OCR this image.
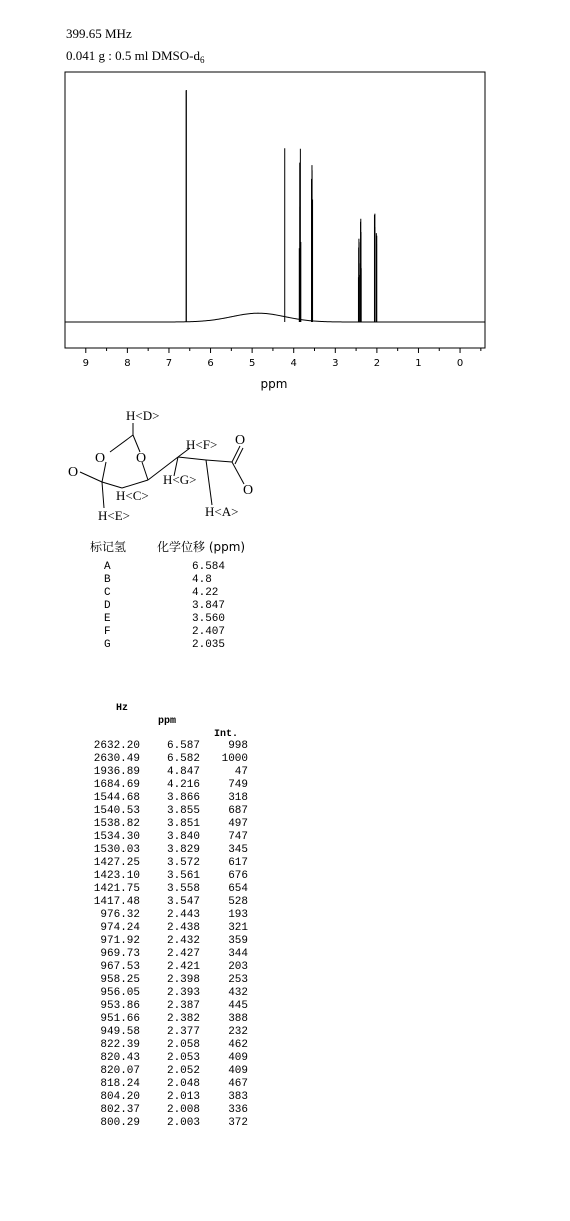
399.65 MHz
0.041 g : 0.5 ml DMSO-$d_6$
9	8	7	6	5	4	3	2	1	0
ppm
H<D>
H<F> O
O O
O
O
H<G>
H<C>
H<E>	H<A>
标记氢	化学位移 (ppm)
A	6.584
B	4.8
C	4.22
D	3.847
E	3.560
F	2.407
G	2.035

Hz

ppm

Int.

2632.20 6.587	998
2630.49 6.582 1000
1936.89 4.847	47
1684.69 4.216	749
1544.68 3.866	318
1540.53 3.855	687
1538.82 3.851	497
1534.30 3.840	747
1530.03 3.829	345
1427.25 3.572	617
1423.10 3.561	676
1421.75 3.558	654
1417.48 3.547	528
976.32 2.443	193
974.24 2.438	321
971.92 2.432	359
969.73 2.427	344
967.53 2.421	203
958.25 2.398	253
956.05 2.393	432
953.86 2.387	445
951.66 2.382	388
949.58 2.377	232
822.39 2.058	462
820.43 2.053	409
820.07 2.052	409
818.24 2.048	467
804.20 2.013	383
802.37 2.008	336
800.29 2.003	372
